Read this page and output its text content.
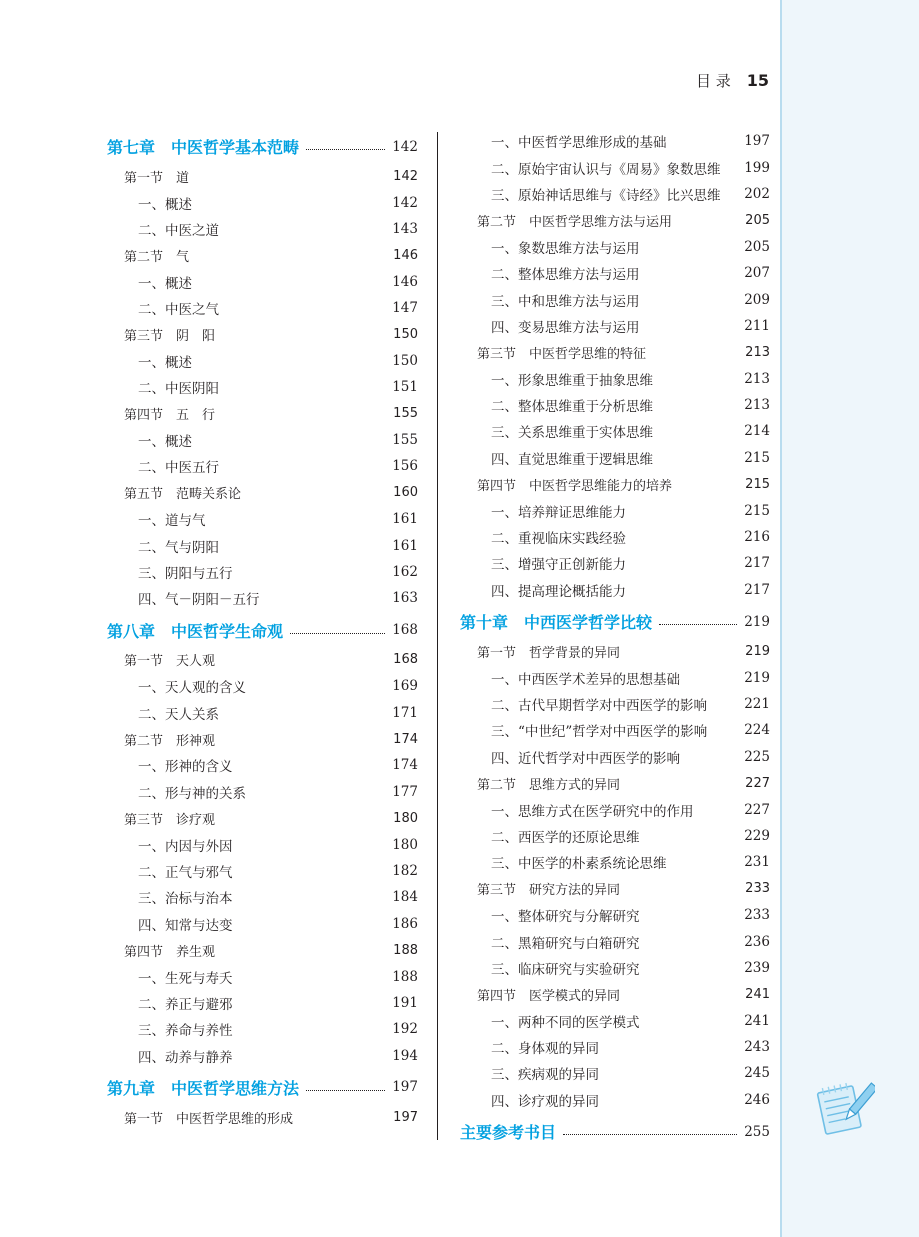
目 录 15
第七章　中医哲学基本范畴	142
第一节　道	142
一、概述	142
二、中医之道	143
第二节　气	146
一、概述	146
二、中医之气	147
第三节　阴　阳	150
一、概述	150
二、中医阴阳	151
第四节　五　行	155
一、概述	155
二、中医五行	156
第五节　范畴关系论	160
一、道与气	161
二、气与阴阳	161
三、阴阳与五行	162
四、气－阴阳－五行	163
第八章　中医哲学生命观	168
第一节　天人观	168
一、天人观的含义	169
二、天人关系	171
第二节　形神观	174
一、形神的含义	174
二、形与神的关系	177
第三节　诊疗观	180
一、内因与外因	180
二、正气与邪气	182
三、治标与治本	184
四、知常与达变	186
第四节　养生观	188
一、生死与寿夭	188
二、养正与避邪	191
三、养命与养性	192
四、动养与静养	194
第九章　中医哲学思维方法	197
第一节　中医哲学思维的形成	197
一、中医哲学思维形成的基础	197
二、原始宇宙认识与《周易》象数思维 199
三、原始神话思维与《诗经》比兴思维 202
第二节　中医哲学思维方法与运用	205
一、象数思维方法与运用	205
二、整体思维方法与运用	207
三、中和思维方法与运用	209
四、变易思维方法与运用	211
第三节　中医哲学思维的特征	213
一、形象思维重于抽象思维	213
二、整体思维重于分析思维	213
三、关系思维重于实体思维	214
四、直觉思维重于逻辑思维	215
第四节　中医哲学思维能力的培养	215
一、培养辩证思维能力	215
二、重视临床实践经验	216
三、增强守正创新能力	217
四、提高理论概括能力	217
第十章　中西医学哲学比较	219
第一节　哲学背景的异同	219
一、中西医学术差异的思想基础	219
二、古代早期哲学对中西医学的影响	221
三、“中世纪”哲学对中西医学的影响	224
四、近代哲学对中西医学的影响	225
第二节　思维方式的异同	227
一、思维方式在医学研究中的作用	227
二、西医学的还原论思维	229
三、中医学的朴素系统论思维	231
第三节　研究方法的异同	233
一、整体研究与分解研究	233
二、黑箱研究与白箱研究	236
三、临床研究与实验研究	239
第四节　医学模式的异同	241
一、两种不同的医学模式	241
二、身体观的异同	243
三、疾病观的异同	245
四、诊疗观的异同	246
主要参考书目	255
